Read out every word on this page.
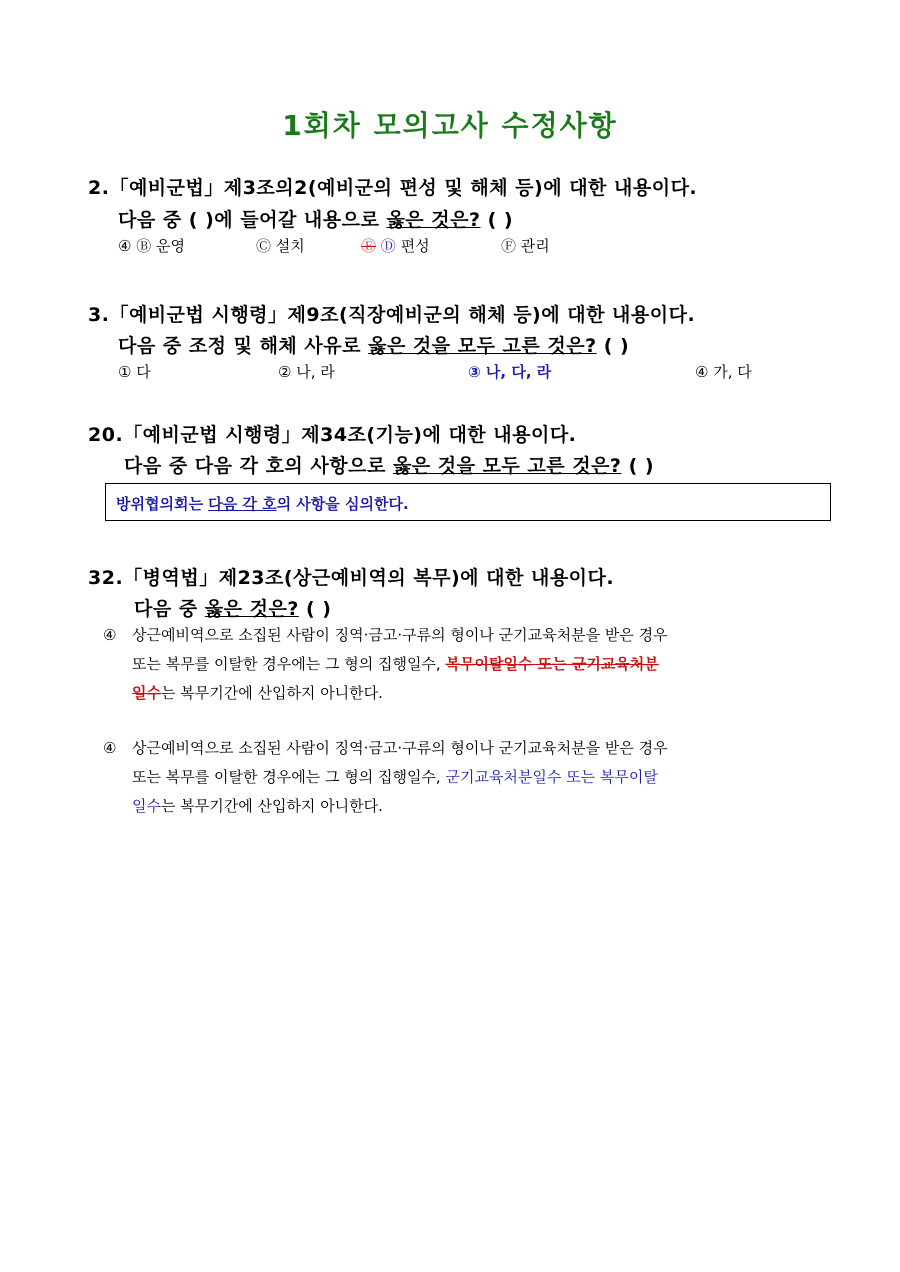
1회차 모의고사 수정사항
2.「예비군법」제3조의2(예비군의 편성 및 해체 등)에 대한 내용이다.
다음 중 ( )에 들어갈 내용으로 옳은 것은? ( )
④ Ⓑ 운영	Ⓒ 설치	Ⓔ Ⓓ 편성	Ⓕ 관리
3.「예비군법 시행령」제9조(직장예비군의 해체 등)에 대한 내용이다.
다음 중 조정 및 해체 사유로 옳은 것을 모두 고른 것은? ( )
① 다	② 나, 라	③ 나, 다, 라	④ 가, 다
20.「예비군법 시행령」제34조(기능)에 대한 내용이다.
다음 중 다음 각 호의 사항으로 옳은 것을 모두 고른 것은? ( )
방위협의회는 다음 각 호의 사항을 심의한다.
32.「병역법」제23조(상근예비역의 복무)에 대한 내용이다.
다음 중 옳은 것은? ( )
④ 상근예비역으로 소집된 사람이 징역·금고·구류의 형이나 군기교육처분을 받은 경우
또는 복무를 이탈한 경우에는 그 형의 집행일수, 복무이탈일수 또는 군기교육처분
일수는 복무기간에 산입하지 아니한다.
④ 상근예비역으로 소집된 사람이 징역·금고·구류의 형이나 군기교육처분을 받은 경우
또는 복무를 이탈한 경우에는 그 형의 집행일수, 군기교육처분일수 또는 복무이탈
일수는 복무기간에 산입하지 아니한다.
